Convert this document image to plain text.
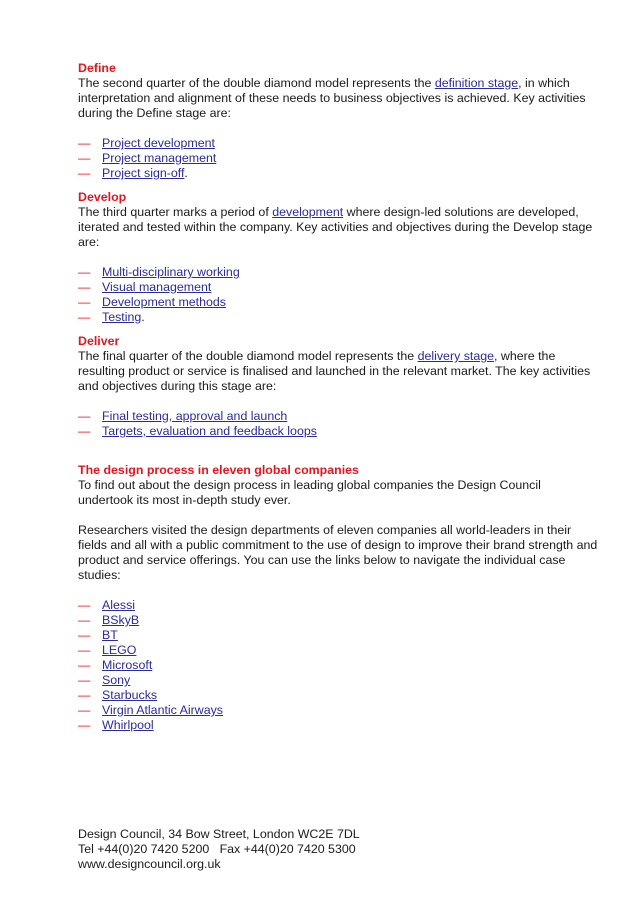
Define

The second quarter of the double diamond model represents the definition stage, in which interpretation and alignment of these needs to business objectives is achieved. Key activities during the Define stage are:

— Project development
— Project management
— Project sign-off.
Develop

The third quarter marks a period of development where design-led solutions are developed, iterated and tested within the company. Key activities and objectives during the Develop stage are:

— Multi-disciplinary working
— Visual management
— Development methods
— Testing.
Deliver

The final quarter of the double diamond model represents the delivery stage, where the resulting product or service is finalised and launched in the relevant market. The key activities and objectives during this stage are:

— Final testing, approval and launch
— Targets, evaluation and feedback loops
The design process in eleven global companies

To find out about the design process in leading global companies the Design Council undertook its most in-depth study ever.

Researchers visited the design departments of eleven companies all world-leaders in their fields and all with a public commitment to the use of design to improve their brand strength and product and service offerings. You can use the links below to navigate the individual case studies:

— Alessi
— BSkyB
— BT
— LEGO
— Microsoft
— Sony
— Starbucks
— Virgin Atlantic Airways
— Whirlpool
Design Council, 34 Bow Street, London WC2E 7DL
Tel +44(0)20 7420 5200   Fax +44(0)20 7420 5300
www.designcouncil.org.uk
